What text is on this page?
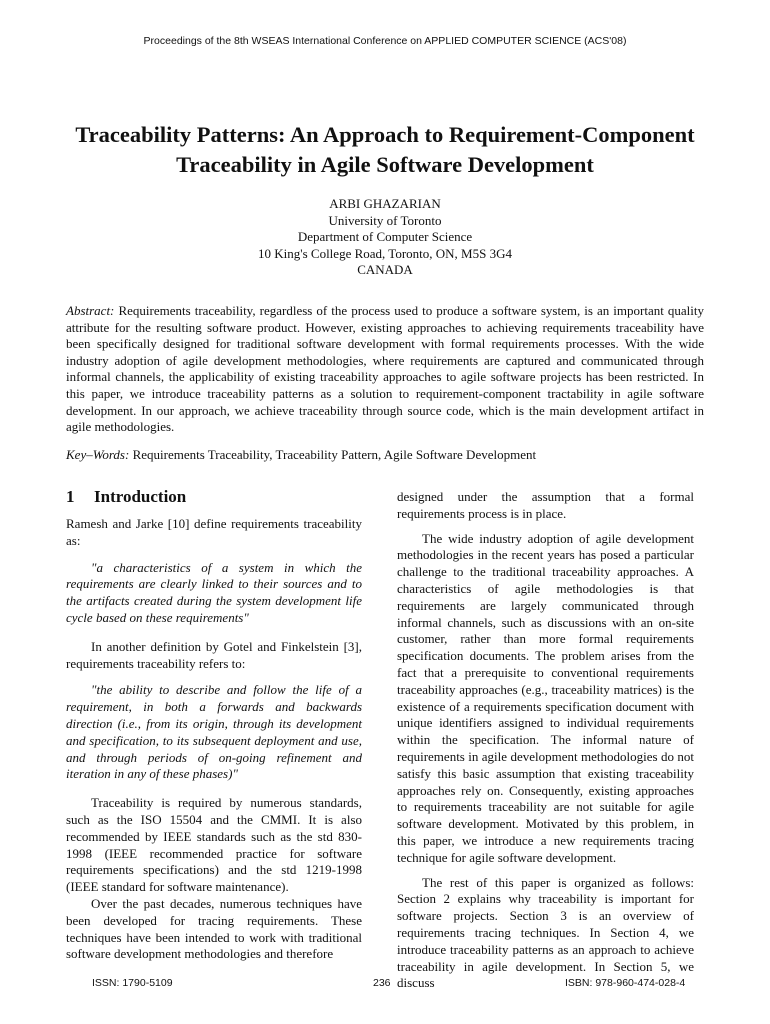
Proceedings of the 8th WSEAS International Conference on APPLIED COMPUTER SCIENCE (ACS'08)
Traceability Patterns: An Approach to Requirement-Component
Traceability in Agile Software Development
ARBI GHAZARIAN
University of Toronto
Department of Computer Science
10 King's College Road, Toronto, ON, M5S 3G4
CANADA
Abstract: Requirements traceability, regardless of the process used to produce a software system, is an important quality attribute for the resulting software product. However, existing approaches to achieving requirements traceability have been specifically designed for traditional software development with formal requirements processes. With the wide industry adoption of agile development methodologies, where requirements are captured and communicated through informal channels, the applicability of existing traceability approaches to agile software projects has been restricted. In this paper, we introduce traceability patterns as a solution to requirement-component tractability in agile software development. In our approach, we achieve traceability through source code, which is the main development artifact in agile methodologies.
Key–Words: Requirements Traceability, Traceability Pattern, Agile Software Development
1 Introduction

Ramesh and Jarke [10] define requirements traceability as:

"a characteristics of a system in which the requirements are clearly linked to their sources and to the artifacts created during the system development life cycle based on these requirements"

In another definition by Gotel and Finkelstein [3], requirements traceability refers to:

"the ability to describe and follow the life of a requirement, in both a forwards and backwards direction (i.e., from its origin, through its development and specification, to its subsequent deployment and use, and through periods of on-going refinement and iteration in any of these phases)"

Traceability is required by numerous standards, such as the ISO 15504 and the CMMI. It is also recommended by IEEE standards such as the std 830-1998 (IEEE recommended practice for software requirements specifications) and the std 1219-1998 (IEEE standard for software maintenance).

Over the past decades, numerous techniques have been developed for tracing requirements. These techniques have been intended to work with traditional software development methodologies and therefore

designed under the assumption that a formal requirements process is in place.

The wide industry adoption of agile development methodologies in the recent years has posed a particular challenge to the traditional traceability approaches. A characteristics of agile methodologies is that requirements are largely communicated through informal channels, such as discussions with an on-site customer, rather than more formal requirements specification documents. The problem arises from the fact that a prerequisite to conventional requirements traceability approaches (e.g., traceability matrices) is the existence of a requirements specification document with unique identifiers assigned to individual requirements within the specification. The informal nature of requirements in agile development methodologies do not satisfy this basic assumption that existing traceability approaches rely on. Consequently, existing approaches to requirements traceability are not suitable for agile software development. Motivated by this problem, in this paper, we introduce a new requirements tracing technique for agile software development.

The rest of this paper is organized as follows: Section 2 explains why traceability is important for software projects. Section 3 is an overview of requirements tracing techniques. In Section 4, we introduce traceability patterns as an approach to achieve traceability in agile development. In Section 5, we discuss

ISSN: 1790-5109	236	ISBN: 978-960-474-028-4
